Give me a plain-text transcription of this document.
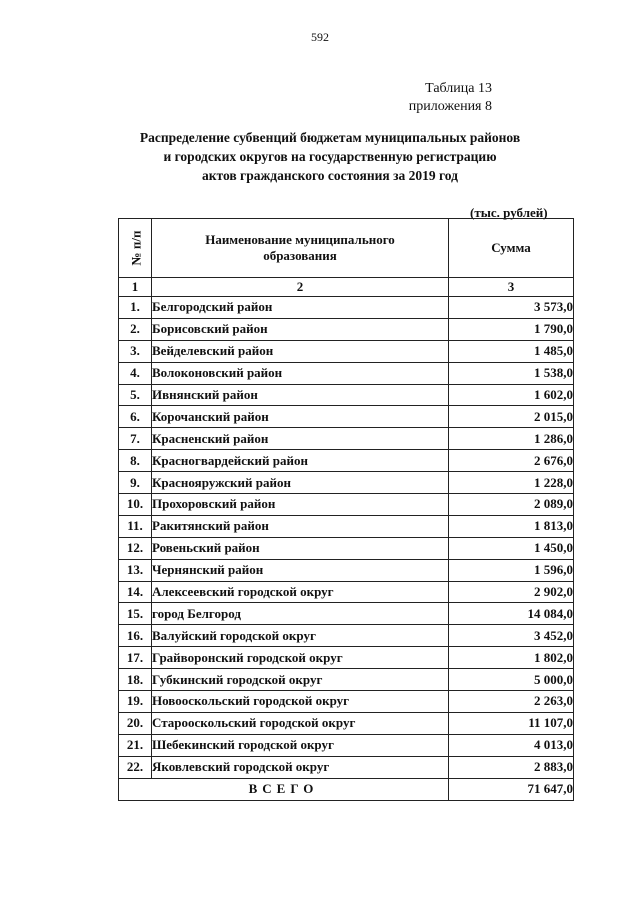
592
Таблица 13
приложения 8
Распределение субвенций бюджетам муниципальных районов
и городских округов на государственную регистрацию
актов гражданского состояния за 2019 год
(тыс. рублей)
№ п/п	Наименование муниципального образования	Сумма
1	2	3
1.	Белгородский район	3 573,0
2.	Борисовский район	1 790,0
3.	Вейделевский район	1 485,0
4.	Волоконовский район	1 538,0
5.	Ивнянский район	1 602,0
6.	Корочанский район	2 015,0
7.	Красненский район	1 286,0
8.	Красногвардейский район	2 676,0
9.	Краснояружский район	1 228,0
10.	Прохоровский район	2 089,0
11.	Ракитянский район	1 813,0
12.	Ровеньский район	1 450,0
13.	Чернянский район	1 596,0
14.	Алексеевский городской округ	2 902,0
15.	город Белгород	14 084,0
16.	Валуйский городской округ	3 452,0
17.	Грайворонский городской округ	1 802,0
18.	Губкинский городской округ	5 000,0
19.	Новооскольский городской округ	2 263,0
20.	Старооскольский городской округ	11 107,0
21.	Шебекинский городской округ	4 013,0
22.	Яковлевский городской округ	2 883,0
ВСЕГО		71 647,0
